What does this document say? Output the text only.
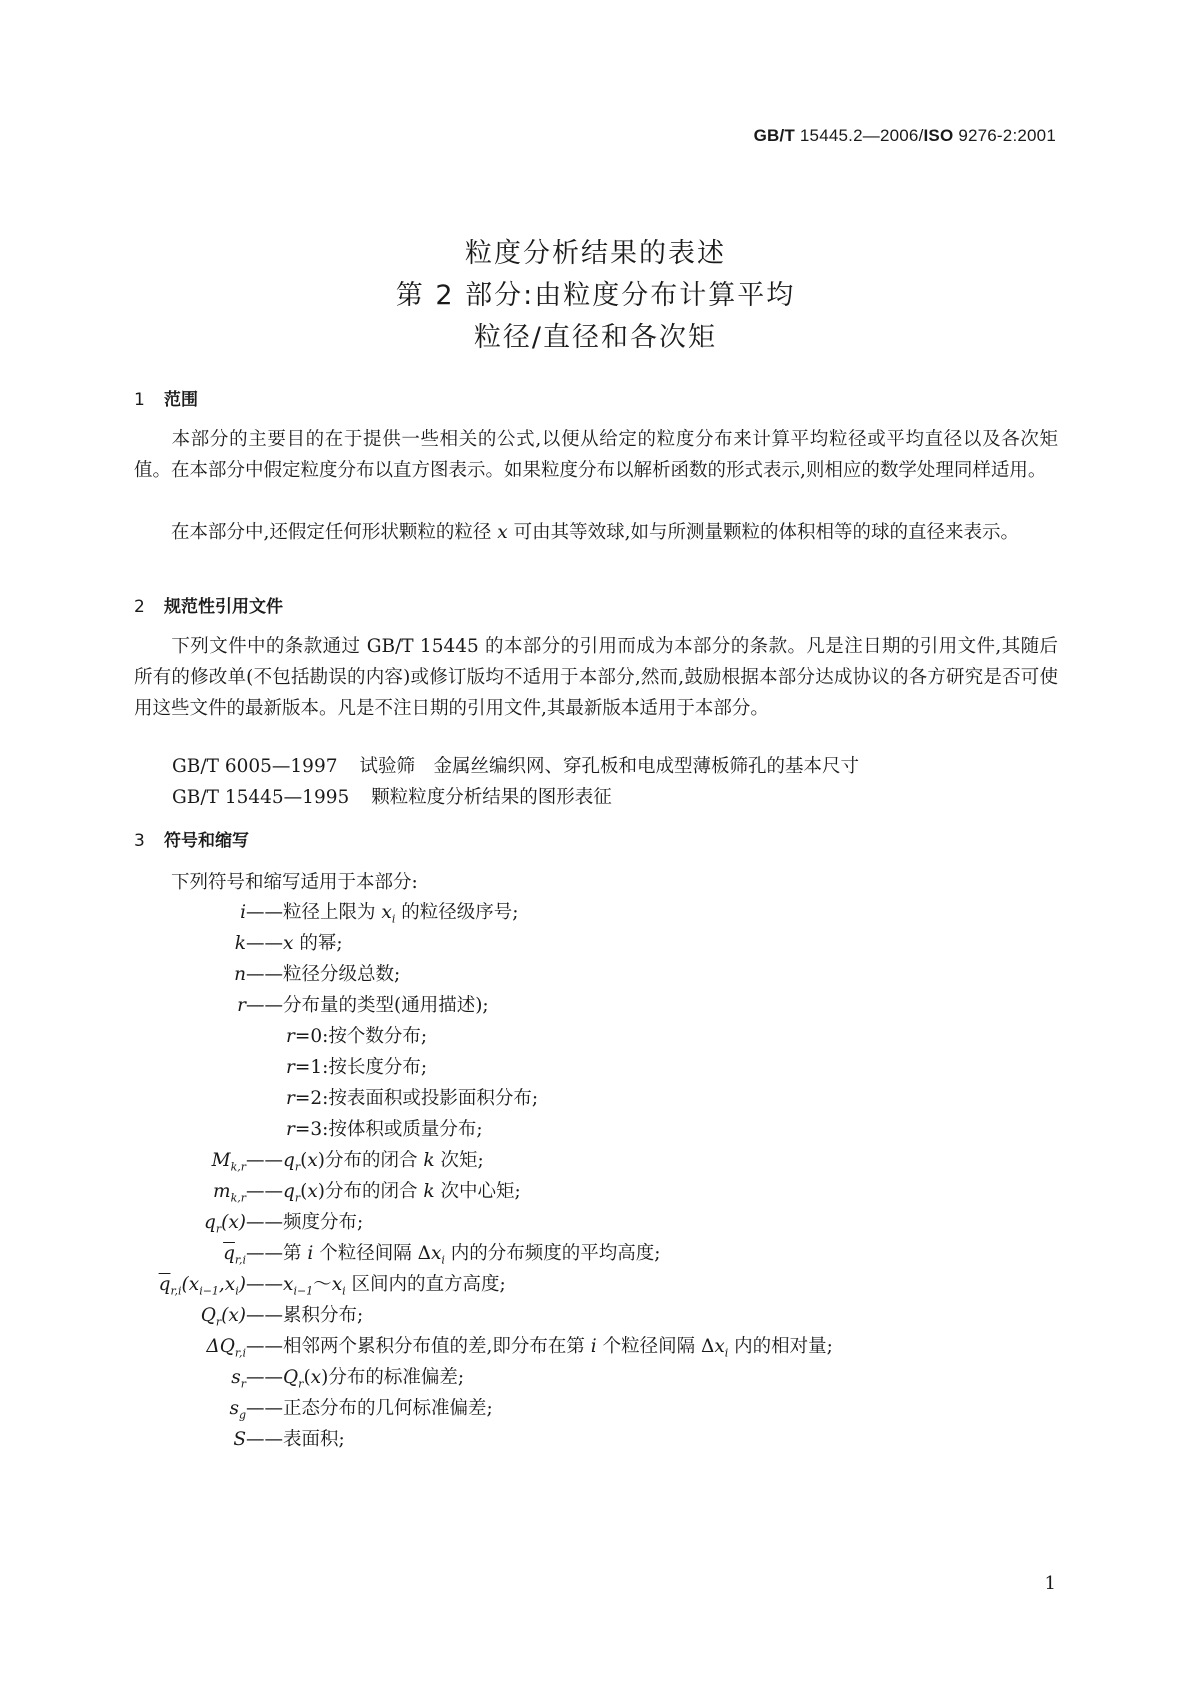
GB/T 15445.2—2006/ISO 9276-2:2001
粒度分析结果的表述
第 2 部分:由粒度分布计算平均
粒径/直径和各次矩
1 范围
本部分的主要目的在于提供一些相关的公式,以便从给定的粒度分布来计算平均粒径或平均直径以及各次矩值。在本部分中假定粒度分布以直方图表示。如果粒度分布以解析函数的形式表示,则相应的数学处理同样适用。
在本部分中,还假定任何形状颗粒的粒径 x 可由其等效球,如与所测量颗粒的体积相等的球的直径来表示。
2 规范性引用文件
下列文件中的条款通过 GB/T 15445 的本部分的引用而成为本部分的条款。凡是注日期的引用文件,其随后所有的修改单(不包括勘误的内容)或修订版均不适用于本部分,然而,鼓励根据本部分达成协议的各方研究是否可使用这些文件的最新版本。凡是不注日期的引用文件,其最新版本适用于本部分。
GB/T 6005—1997 试验筛　金属丝编织网、穿孔板和电成型薄板筛孔的基本尺寸
GB/T 15445—1995 颗粒粒度分析结果的图形表征
3 符号和缩写
下列符号和缩写适用于本部分:
i——粒径上限为 $x_i$ 的粒径级序号;
k——x 的幂;
n——粒径分级总数;
r——分布量的类型(通用描述);
r=0:按个数分布;
r=1:按长度分布;
r=2:按表面积或投影面积分布;
r=3:按体积或质量分布;
$M_{k,r}——q_r(x)$分布的闭合 k 次矩;
$m_{k,r}——q_r(x)$分布的闭合 k 次中心矩;
$q_r(x)——$频度分布;
$\overline{q}_{r,i}——$第 i 个粒径间隔 $\Delta x_i$ 内的分布频度的平均高度;
$\overline{q}_{r,i}(x_{i-1},x_i)——x_{i-1}\sim x_i$ 区间内的直方高度;
$Q_r(x)——$累积分布;
$\Delta Q_{r,i}——$相邻两个累积分布值的差,即分布在第 i 个粒径间隔 $\Delta x_i$ 内的相对量;
$s_r——Q_r(x)$分布的标准偏差;
$s_g——$正态分布的几何标准偏差;
S——表面积;
1
